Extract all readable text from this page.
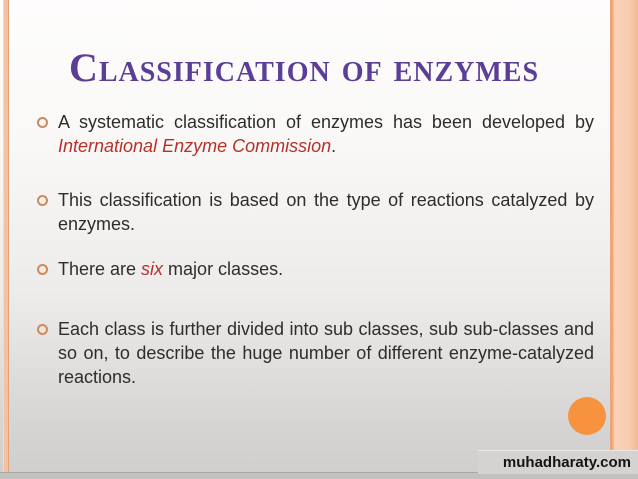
Classification of enzymes

A systematic classification of enzymes has been developed by International Enzyme Commission.

This classification is based on the type of reactions catalyzed by enzymes.

There are six major classes.

Each class is further divided into sub classes, sub sub-classes and so on, to describe the huge number of different enzyme-catalyzed reactions.

muhadharaty.com
